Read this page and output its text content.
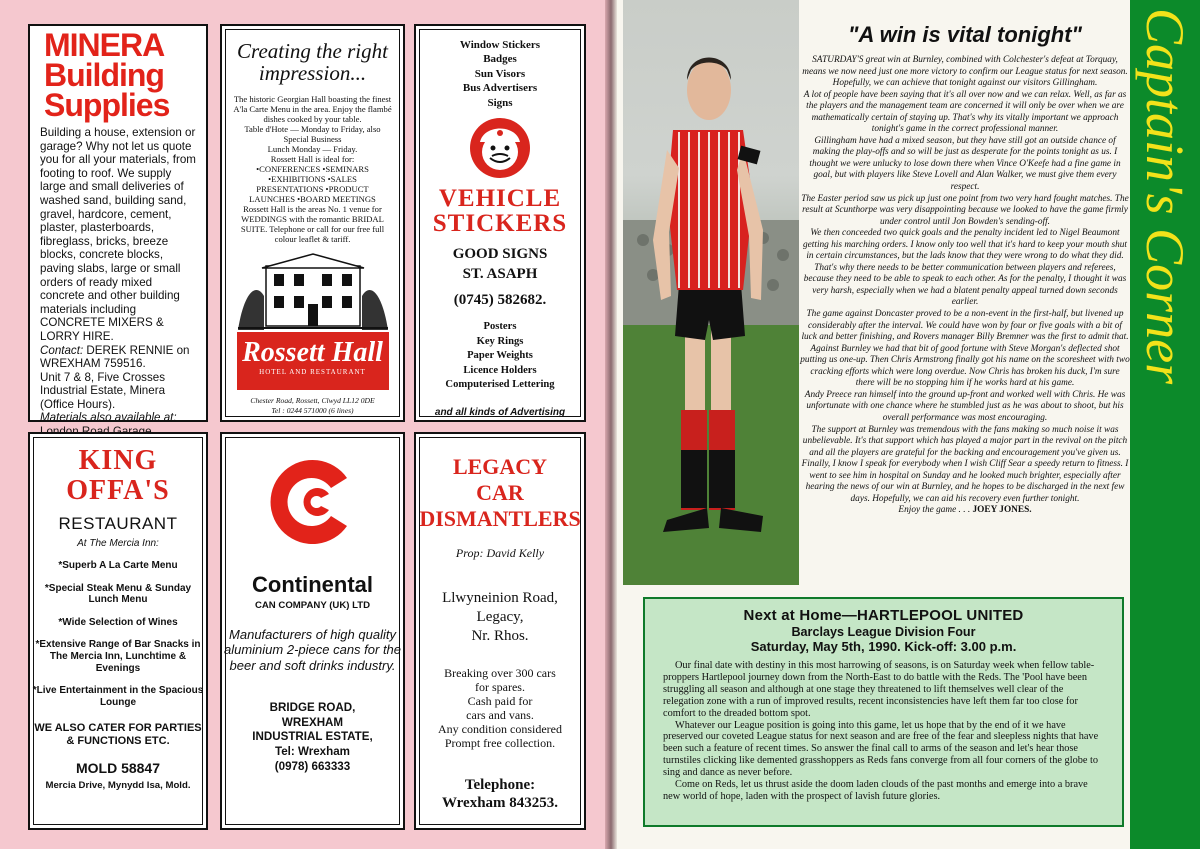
MINERA
Building
Supplies

Building a house, extension or garage? Why not let us quote you for all your materials, from footing to roof. We supply large and small deliveries of washed sand, building sand, gravel, hardcore, cement, plaster, plasterboards, fibreglass, bricks, breeze blocks, concrete blocks, paving slabs, large or small orders of ready mixed concrete and other building materials including CONCRETE MIXERS & LORRY HIRE.

Contact: DEREK RENNIE on WREXHAM 759516.

Unit 7 & 8, Five Crosses Industrial Estate, Minera (Office Hours).

Materials also available at:

Creating the right impression...
The historic Georgian Hall boasting the finest A'la Carte Menu in the area. Enjoy the flambé dishes cooked by your table.
Table d'Hote — Monday to Friday, also Special Business
Lunch Monday — Friday.
Rossett Hall is ideal for:
•CONFERENCES •SEMINARS
•EXHIBITIONS •SALES
PRESENTATIONS •PRODUCT
LAUNCHES •BOARD MEETINGS
Rossett Hall is the areas No. 1 venue for WEDDINGS with the romantic BRIDAL SUITE. Telephone or call for our free full colour leaflet & tariff.
Rossett Hall
HOTEL AND RESTAURANT
Chester Road, Rossett, Clwyd LL12 0DE
Tel : 0244 571000 (6 lines)
Window Stickers
Badges
Sun Visors
Bus Advertisers
Signs
VEHICLE
STICKERS
GOOD SIGNS
ST. ASAPH
(0745) 582682.
Posters
Key Rings
Paper Weights
Licence Holders
Computerised Lettering
and all kinds of Advertising
KING
OFFA'S
RESTAURANT
At The Mercia Inn:
*Superb A La Carte Menu
*Special Steak Menu & Sunday Lunch Menu
*Wide Selection of Wines
*Extensive Range of Bar Snacks in The Mercia Inn, Lunchtime & Evenings
*Live Entertainment in the Spacious Lounge
WE ALSO CATER FOR PARTIES & FUNCTIONS ETC.
MOLD 58847
Mercia Drive, Mynydd Isa, Mold.
Continental
CAN COMPANY (UK) LTD
Manufacturers of high quality aluminium 2-piece cans for the beer and soft drinks industry.
BRIDGE ROAD,
WREXHAM
INDUSTRIAL ESTATE,
Tel: Wrexham
(0978) 663333
LEGACY
CAR
DISMANTLERS
Prop: David Kelly
Llwyneinion Road,
Legacy,
Nr. Rhos.
Breaking over 300 cars
for spares.
Cash paid for
cars and vans.
Any condition considered
Prompt free collection.
Telephone:
Wrexham 843253.
"A win is vital tonight"

SATURDAY'S great win at Burnley, combined with Colchester's defeat at Torquay, means we now need just one more victory to confirm our League status for next season. Hopefully, we can achieve that tonight against our visitors Gillingham.

A lot of people have been saying that it's all over now and we can relax. Well, as far as the players and the management team are concerned it will only be over when we are mathematically certain of staying up. That's why its vitally important we approach tonight's game in the correct professional manner.

Gillingham have had a mixed season, but they have still got an outside chance of making the play-offs and so will be just as desperate for the points tonight as us. I thought we were unlucky to lose down there when Vince O'Keefe had a fine game in goal, but with players like Steve Lovell and Alan Walker, we must give them every respect.

The Easter period saw us pick up just one point from two very hard fought matches. The result at Scunthorpe was very disappointing because we looked to have the game firmly under control until Jon Bowden's sending-off.

We then conceeded two quick goals and the penalty incident led to Nigel Beaumont getting his marching orders. I know only too well that it's hard to keep your mouth shut in certain circumstances, but the lads know that they were wrong to do what they did. That's why there needs to be better communication between players and referees, because they need to be able to speak to each other. As for the penalty, I thought it was very harsh, especially when we had a blatent penalty appeal turned down seconds earlier.

The game against Doncaster proved to be a non-event in the first-half, but livened up considerably after the interval. We could have won by four or five goals with a bit of luck and better finishing, and Rovers manager Billy Bremner was the first to admit that.

Against Burnley we had that bit of good fortune with Steve Morgan's deflected shot putting us one-up. Then Chris Armstrong finally got his name on the scoresheet with two cracking efforts which were long overdue. Now Chris has broken his duck, I'm sure there will be no stopping him if he works hard at his game.

Andy Preece ran himself into the ground up-front and worked well with Chris. He was unfortunate with one chance where he stumbled just as he was about to shoot, but his overall performance was most encouraging.

The support at Burnley was tremendous with the fans making so much noise it was unbelievable. It's that support which has played a major part in the revival on the pitch and all the players are grateful for the backing and encouragement you've given us.

Finally, I know I speak for everybody when I wish Cliff Sear a speedy return to fitness. I went to see him in hospital on Sunday and he looked much brighter, especially after hearing the news of our win at Burnley, and he hopes to be discharged in the next few days. Hopefully, we can aid his recovery even further tonight.

Enjoy the game . . . JOEY JONES.

Captain's Corner
Next at Home—HARTLEPOOL UNITED
Barclays League Division Four
Saturday, May 5th, 1990. Kick-off: 3.00 p.m.

Our final date with destiny in this most harrowing of seasons, is on Saturday week when fellow table-proppers Hartlepool journey down from the North-East to do battle with the Reds. The 'Pool have been struggling all season and although at one stage they threatened to lift themselves well clear of the relegation zone with a run of improved results, recent inconsistencies have left them far too close for comfort to the dreaded bottom spot.

Whatever our League position is going into this game, let us hope that by the end of it we have preserved our coveted League status for next season and are free of the fear and sleepless nights that have been such a feature of recent times. So answer the final call to arms of the season and let's hear those turnstiles clicking like demented grasshoppers as Reds fans converge from all four corners of the globe to sing and dance as never before.

Come on Reds, let us thrust aside the doom laden clouds of the past months and emerge into a brave new world of hope, laden with the prospect of lavish future glories.
